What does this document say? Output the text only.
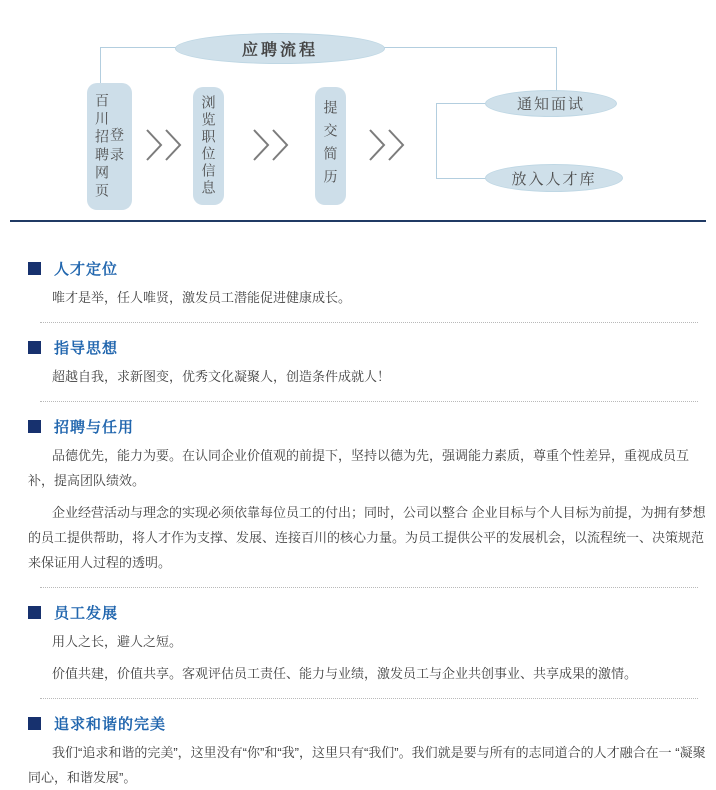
应聘流程
百川招聘网页 登录	浏览职位信息	提交简历	通知面试
放入人才库
人才定位

唯才是举，任人唯贤，激发员工潜能促进健康成长。

指导思想

超越自我，求新图变，优秀文化凝聚人，创造条件成就人！

招聘与任用

品德优先，能力为要。在认同企业价值观的前提下，坚持以德为先，强调能力素质，尊重个性差异，重视成员互补，提高团队绩效。

企业经营活动与理念的实现必须依靠每位员工的付出；同时，公司以整合 企业目标与个人目标为前提，为拥有梦想的员工提供帮助，将人才作为支撑、发展、连接百川的核心力量。为员工提供公平的发展机会，以流程统一、决策规范来保证用人过程的透明。

员工发展

用人之长，避人之短。

价值共建，价值共享。客观评估员工责任、能力与业绩，激发员工与企业共创事业、共享成果的激情。

追求和谐的完美

我们“追求和谐的完美”，这里没有“你”和“我”，这里只有“我们”。我们就是要与所有的志同道合的人才融合在一 “凝聚同心，和谐发展”。
